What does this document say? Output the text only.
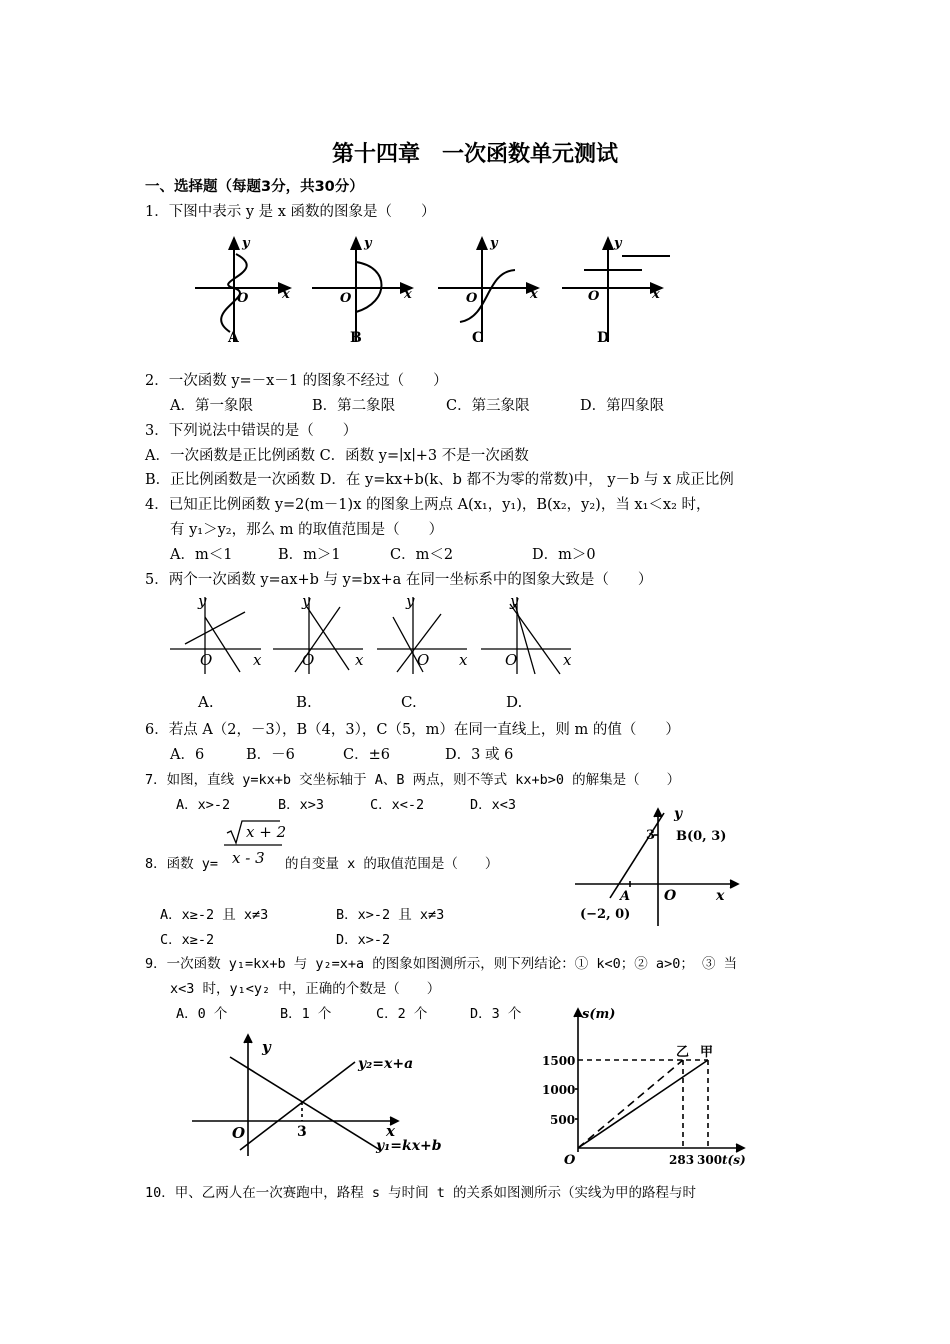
第十四章　一次函数单元测试
一、选择题（每题3分，共30分）
1．下图中表示 y 是 x 函数的图象是（　　）
y
O	x
A
y
O	x
B
y
O	x
C
y
O	x
D
2．一次函数 y=－x－1 的图象不经过（　　）
A．第一象限	B．第二象限	C．第三象限	D．第四象限
3．下列说法中错误的是（　　）
A．一次函数是正比例函数 C．函数 y=∣x∣+3 不是一次函数
B．正比例函数是一次函数 D．在 y=kx+b(k、b 都不为零的常数)中， y－b 与 x 成正比例
4．已知正比例函数 y=2(m－1)x 的图象上两点 A(x₁，y₁)，B(x₂，y₂)，当 x₁＜x₂ 时，
有 y₁＞y₂，那么 m 的取值范围是（　　）
A．m＜1	B．m＞1	C．m＜2	D．m＞0
5．两个一次函数 y=ax+b 与 y=bx+a 在同一坐标系中的图象大致是（　　）
y
O	x
y
O	x
y
O x
y
O	x
A.	B.	C.	D.
6．若点 A（2，－3），B（4，3），C（5，m）在同一直线上，则 m 的值（　　）
A．6	B．－6	C．±6	D．3 或 6
7．如图，直线 y=kx+b 交坐标轴于 A、B 两点，则不等式 kx+b>0 的解集是（　　）
A．x>-2	B．x>3	C．x<-2	D．x<3
y
O	x
3 B(0, 3)
A
(−2, 0)
8．函数 y=
x + 2
x - 3 的自变量 x 的取值范围是（　　）
A．x≥-2 且 x≠3	B．x>-2 且 x≠3
C．x≥-2	D．x>-2
9．一次函数 y₁=kx+b 与 y₂=x+a 的图象如图测所示，则下列结论：① k<0；② a>0； ③ 当
x<3 时，y₁<y₂ 中，正确的个数是（　　）
A．0 个	B．1 个	C．2 个	D．3 个
y
O	x
3
y₂=x+a
y₁=kx+b
s(m)
1500
1000
500
O	283 300 t(s)
乙 甲
10．甲、乙两人在一次赛跑中，路程 s 与时间 t 的关系如图测所示（实线为甲的路程与时
